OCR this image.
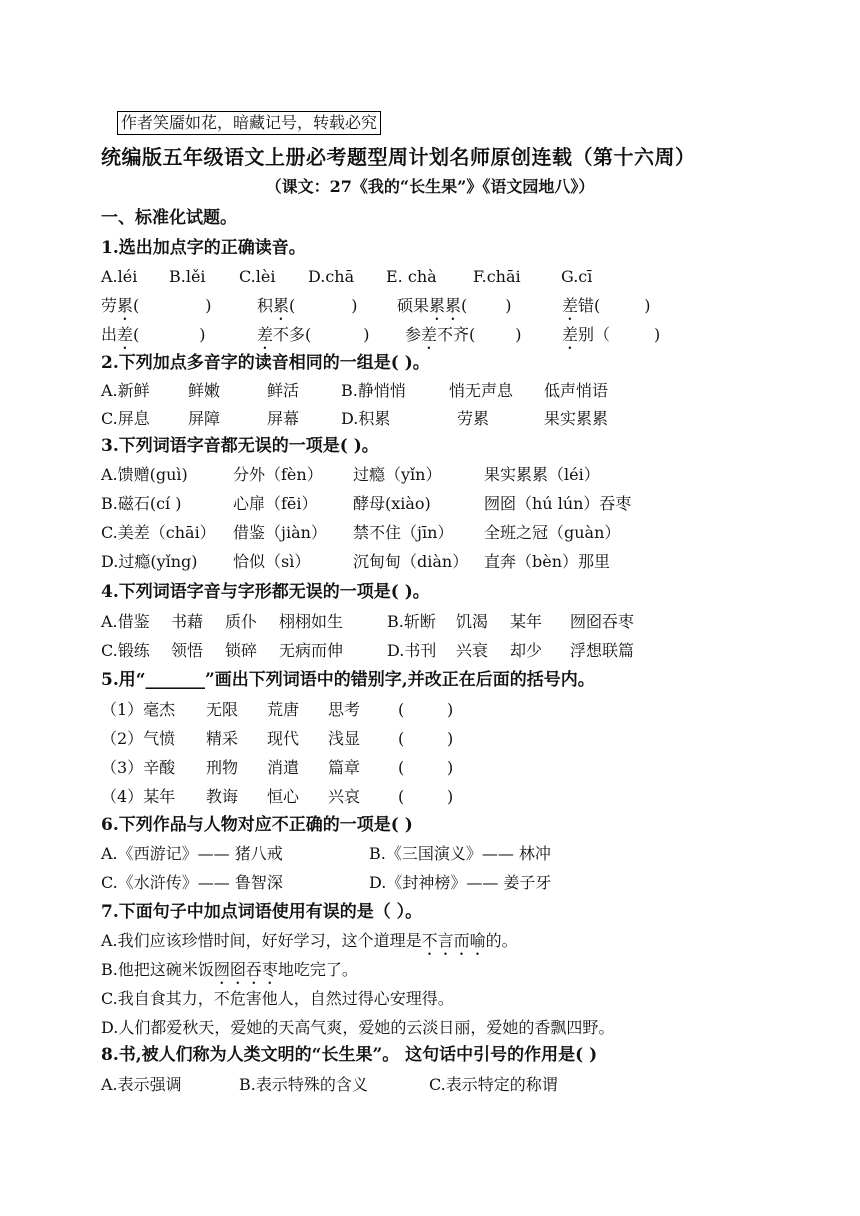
作者笑靥如花，暗藏记号，转载必究
统编版五年级语文上册必考题型周计划名师原创连载（第十六周）
（课文：27《我的“长生果”》《语文园地八》）
一、标准化试题。
1.选出加点字的正确读音。
A.léi B.lěi C.lèi D.chā E. chà F.chāi	G.cī
劳累(	)	积累(	) 硕果累累( )	差错(	)
出差(	)	差不多(	) 参差不齐(	)	差别（	)
2.下列加点多音字的读音相同的一组是( )。
A.新鲜 鲜嫩	鲜活	B.静悄悄	悄无声息 低声悄语
C.屏息 屏障	屏幕	D.积累	劳累	果实累累
3.下列词语字音都无误的一项是( )。
A.馈赠(guì)	分外（fèn） 过瘾（yǐn）	果实累累（léi）
B.磁石(cí )	心扉（fēi） 酵母(xiào)	囫囵（hú lún）吞枣
C.美差（chāi） 借鉴（jiàn） 禁不住（jīn） 全班之冠（guàn）
D.过瘾(yǐng) 恰似（sì）	沉甸甸（diàn） 直奔（bèn）那里
4.下列词语字音与字形都无误的一项是( )。
A.借鉴 书藉 质仆 栩栩如生	B.斩断 饥渴 某年 囫囵吞枣
C.锻练 领悟 锁碎 无病而伸	D.书刊 兴衰 却少 浮想联篇
5.用“_______”画出下列词语中的错别字,并改正在后面的括号内。
（1）毫杰 无限 荒唐 思考 (	)
（2）气愤 精采 现代 浅显 (	)
（3）辛酸 刑物 消遣 篇章 (	)
（4）某年 教诲 恒心 兴哀 (	)
6.下列作品与人物对应不正确的一项是( )
A.《西游记》—— 猪八戒	B.《三国演义》—— 林冲
C.《水浒传》—— 鲁智深	D.《封神榜》—— 姜子牙
7.下面句子中加点词语使用有误的是（ ）。
A.我们应该珍惜时间，好好学习，这个道理是不言而喻的。
B.他把这碗米饭囫囵吞枣地吃完了。
C.我自食其力，不危害他人，自然过得心安理得。
D.人们都爱秋天，爱她的天高气爽，爱她的云淡日丽，爱她的香飘四野。
8.书,被人们称为人类文明的“长生果”。 这句话中引号的作用是( )
A.表示强调	B.表示特殊的含义	C.表示特定的称谓
